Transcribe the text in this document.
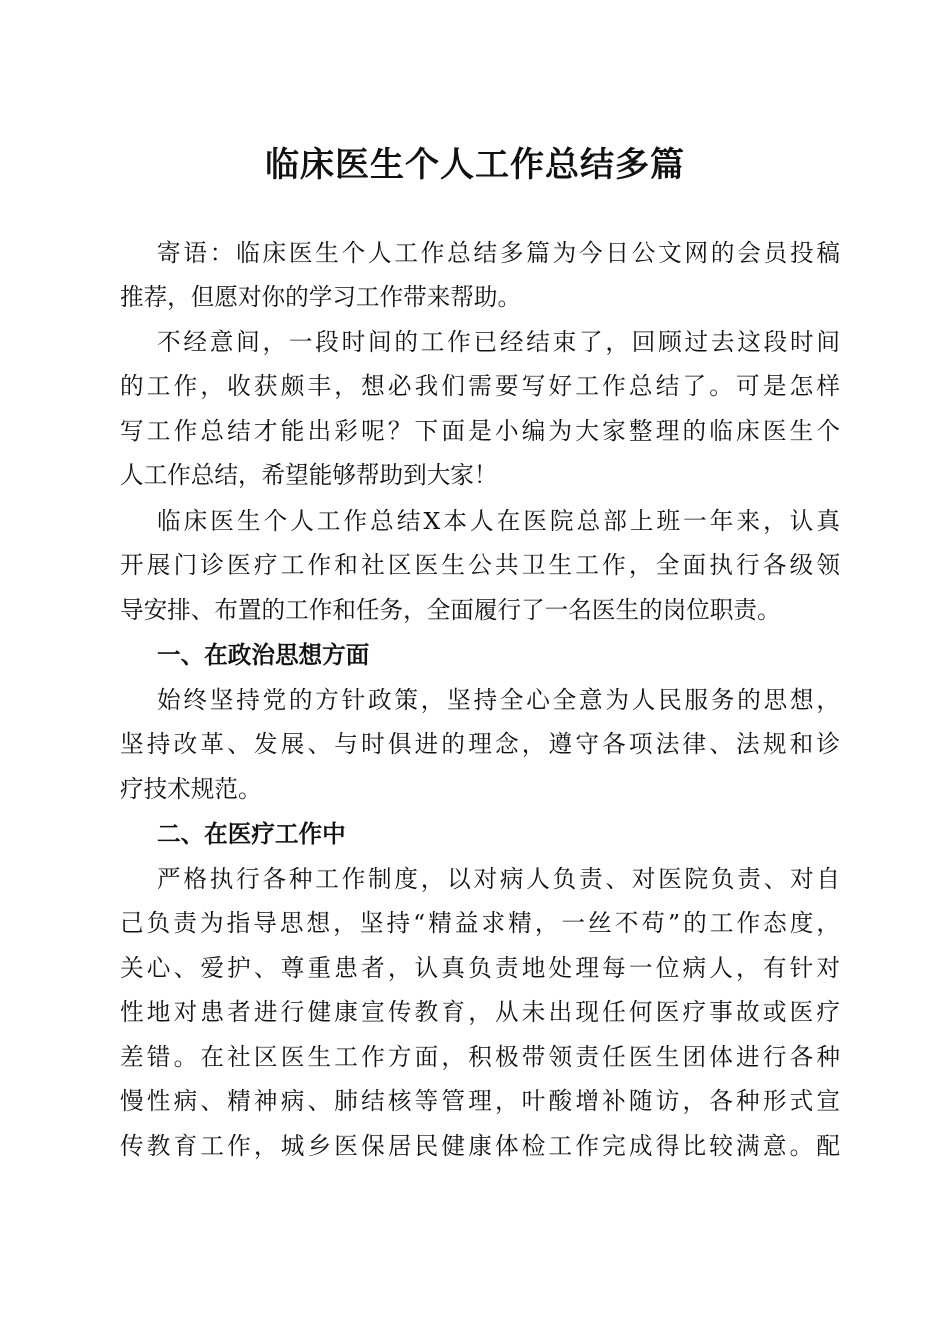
临床医生个人工作总结多篇
寄语：临床医生个人工作总结多篇为今日公文网的会员投稿
推荐，但愿对你的学习工作带来帮助。
不经意间，一段时间的工作已经结束了，回顾过去这段时间
的工作，收获颇丰，想必我们需要写好工作总结了。可是怎样
写工作总结才能出彩呢？下面是小编为大家整理的临床医生个
人工作总结，希望能够帮助到大家！
临床医生个人工作总结X本人在医院总部上班一年来，认真
开展门诊医疗工作和社区医生公共卫生工作，全面执行各级领
导安排、布置的工作和任务，全面履行了一名医生的岗位职责。
一、在政治思想方面
始终坚持党的方针政策，坚持全心全意为人民服务的思想，
坚持改革、发展、与时俱进的理念，遵守各项法律、法规和诊
疗技术规范。
二、在医疗工作中
严格执行各种工作制度，以对病人负责、对医院负责、对自
己负责为指导思想，坚持“精益求精，一丝不苟”的工作态度，
关心、爱护、尊重患者，认真负责地处理每一位病人，有针对
性地对患者进行健康宣传教育，从未出现任何医疗事故或医疗
差错。在社区医生工作方面，积极带领责任医生团体进行各种
慢性病、精神病、肺结核等管理，叶酸增补随访，各种形式宣
传教育工作，城乡医保居民健康体检工作完成得比较满意。配
